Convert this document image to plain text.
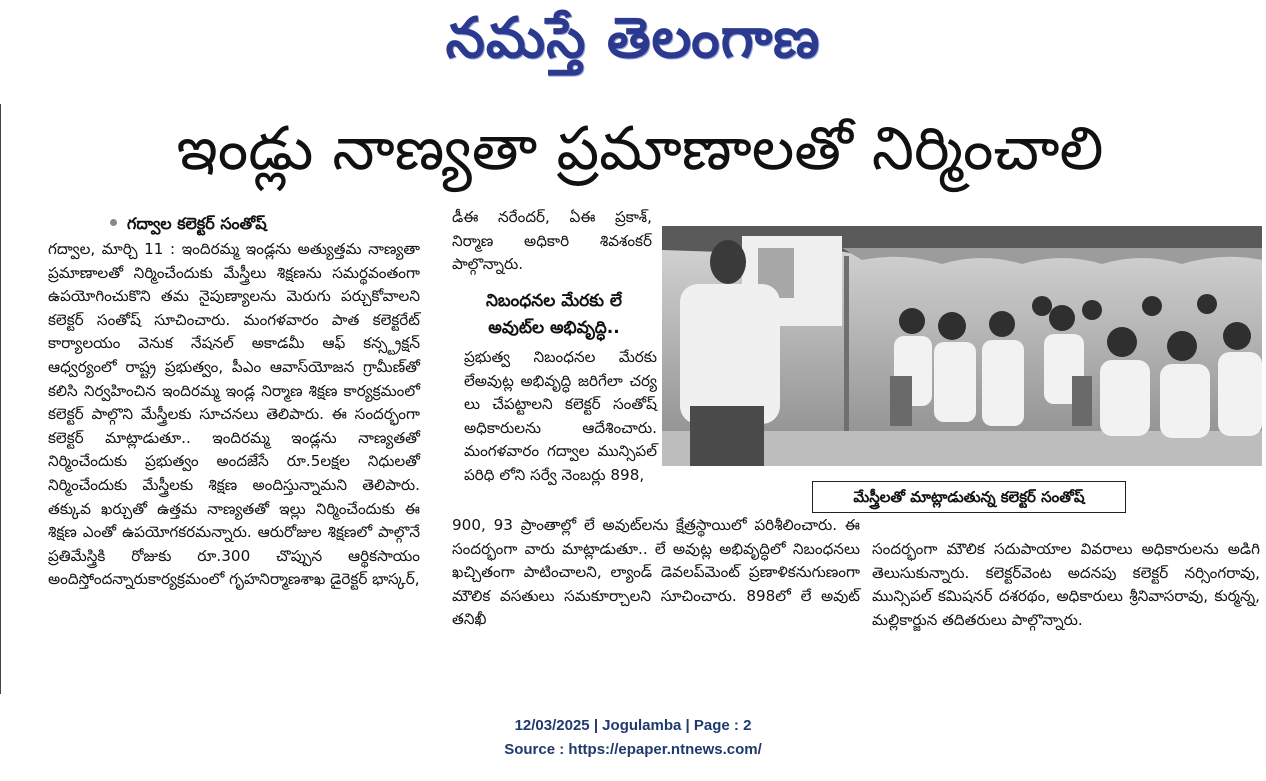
నమస్తే తెలంగాణ
ఇండ్లు నాణ్యతా ప్రమాణాలతో నిర్మించాలి
గద్వాల కలెక్టర్ సంతోష్

గద్వాల, మార్చి 11 : ఇందిరమ్మ ఇండ్లను అత్యుత్తమ నాణ్యతా ప్రమాణాలతో నిర్మించేందుకు మేస్త్రీలు శిక్షణను సమర్థవంతంగా ఉపయోగించుకొని తమ నైపుణ్యాలను మెరుగు పర్చుకోవాలని కలెక్టర్ సంతోష్ సూచించారు. మంగళవారం పాత కలెక్టరేట్ కార్యాలయం వెనుక నేషనల్ అకాడమీ ఆఫ్ కన్స్ట్రక్షన్ ఆధ్వర్యంలో రాష్ట్ర ప్రభుత్వం, పీఎం ఆవాస్‌యోజన గ్రామీణ్‌తో కలిసి నిర్వహించిన ఇందిరమ్మ ఇండ్ల నిర్మాణ శిక్షణ కార్యక్రమంలో కలెక్టర్ పాల్గొని మేస్త్రీలకు సూచనలు తెలిపారు. ఈ సందర్భంగా కలెక్టర్ మాట్లాడుతూ.. ఇందిరమ్మ ఇండ్లను నాణ్యతతో నిర్మించేందుకు ప్రభుత్వం అందజేసే రూ.5లక్షల నిధులతో నిర్మించేందుకు మేస్త్రీలకు శిక్షణ అందిస్తున్నామని తెలిపారు. తక్కువ ఖర్చుతో ఉత్తమ నాణ్యతతో ఇల్లు నిర్మించేందుకు ఈ శిక్షణ ఎంతో ఉపయోగకరమన్నారు. ఆరురోజుల శిక్షణలో పాల్గొనే ప్రతిమేస్త్రికి రోజుకు రూ.300 చొప్పున ఆర్థికసాయం అందిస్తోందన్నారుకార్యక్రమంలో గృహనిర్మాణశాఖ డైరెక్టర్ భాస్కర్,

డీఈ నరేందర్, ఏఈ ప్రకాశ్, నిర్మాణ అధికారి శివశంకర్ పాల్గొన్నారు.

నిబంధనల మేరకు లే అవుట్‌ల అభివృద్ధి..

ప్రభుత్వ నిబంధనల మేరకు లేఅవుట్ల అభివృద్ధి జరిగేలా చర్య లు చేపట్టాలని కలెక్టర్ సంతోష్ అధికారులను ఆదేశించారు. మంగళవారం గద్వాల మున్సిపల్ పరిధి లోని సర్వే నెంబర్లు 898,

900, 93 ప్రాంతాల్లో లే అవుట్‌లను క్షేత్రస్థాయిలో పరిశీలించారు. ఈ సందర్భంగా వారు మాట్లాడుతూ.. లే అవుట్ల అభివృద్ధిలో నిబంధనలు ఖచ్చితంగా పాటించాలని, ల్యాండ్ డెవలప్‌మెంట్ ప్రణాళికనుగుణంగా మౌలిక వసతులు సమకూర్చాలని సూచించారు. 898లో లే అవుట్ తనిఖీ

సందర్భంగా మౌలిక సదుపాయాల వివరాలు అధికారులను అడిగి తెలుసుకున్నారు. కలెక్టర్‌వెంట అదనపు కలెక్టర్ నర్సింగరావు, మున్సిపల్ కమిషనర్ దశరథం, అధికారులు శ్రీనివాసరావు, కుర్మన్న, మల్లికార్జున తదితరులు పాల్గొన్నారు.

మేస్త్రీలతో మాట్లాడుతున్న కలెక్టర్ సంతోష్
12/03/2025 | Jogulamba | Page : 2
Source : https://epaper.ntnews.com/
